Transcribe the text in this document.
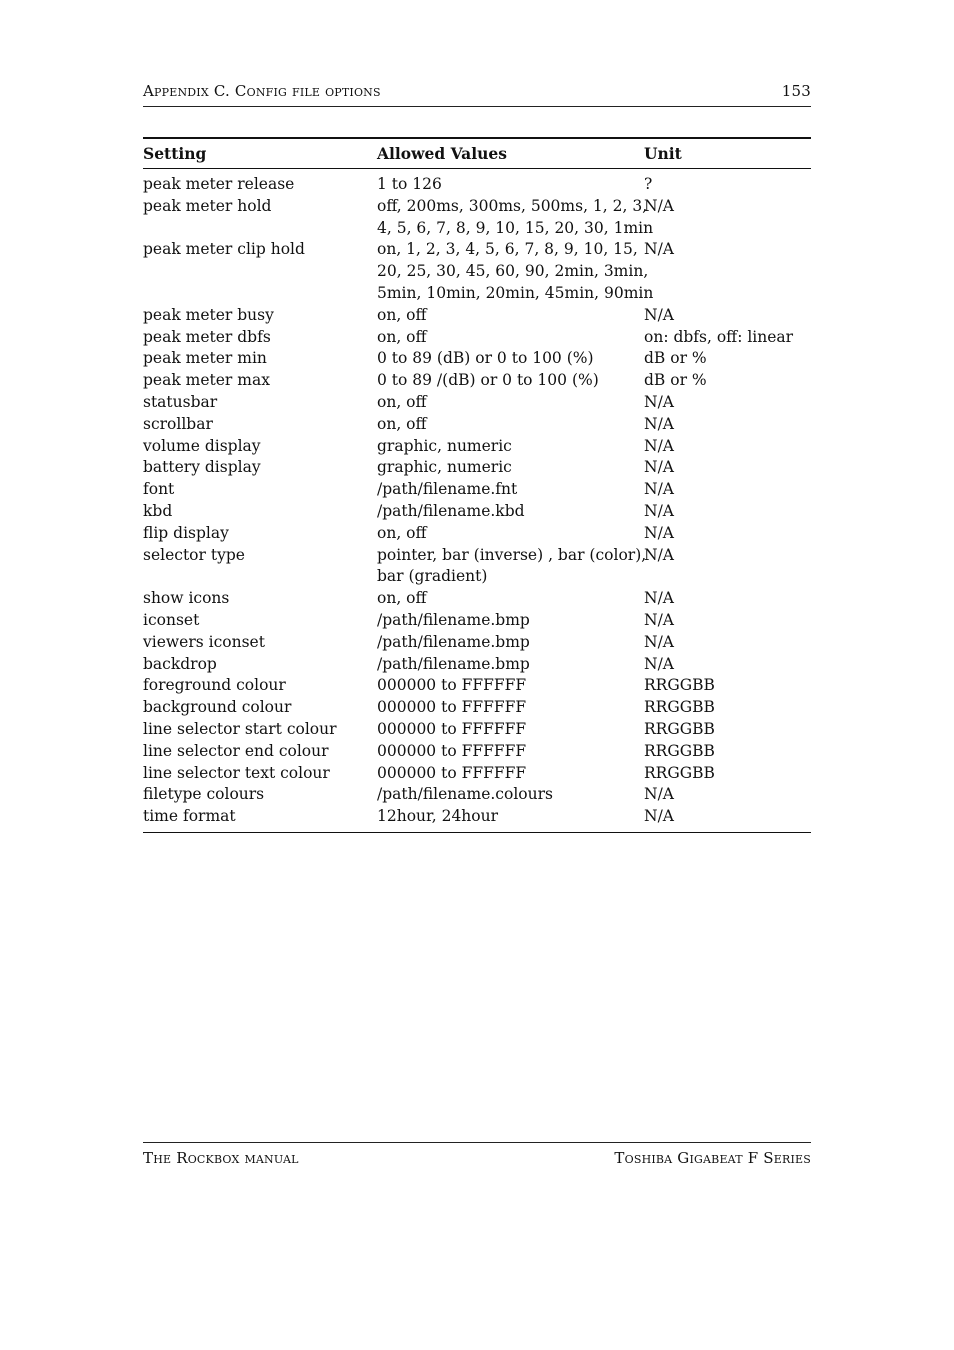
Appendix C. Config file options	153
Setting	Allowed Values	Unit

peak meter release	1 to 126	?

peak meter hold	off, 200ms, 300ms, 500ms, 1, 2, 3,
4, 5, 6, 7, 8, 9, 10, 15, 20, 30, 1min	N/A

peak meter clip hold	on, 1, 2, 3, 4, 5, 6, 7, 8, 9, 10, 15,
20, 25, 30, 45, 60, 90, 2min, 3min,
5min, 10min, 20min, 45min, 90min	N/A

peak meter busy	on, off	N/A

peak meter dbfs	on, off	on: dbfs, off: linear

peak meter min	0 to 89 (dB) or 0 to 100 (%)	dB or %

peak meter max	0 to 89 /(dB) or 0 to 100 (%)	dB or %

statusbar	on, off	N/A

scrollbar	on, off	N/A

volume display	graphic, numeric	N/A

battery display	graphic, numeric	N/A

font	/path/filename.fnt	N/A

kbd	/path/filename.kbd	N/A

flip display	on, off	N/A

selector type	pointer, bar (inverse) , bar (color),
bar (gradient)	N/A

show icons	on, off	N/A

iconset	/path/filename.bmp	N/A

viewers iconset	/path/filename.bmp	N/A

backdrop	/path/filename.bmp	N/A

foreground colour	000000 to FFFFFF	RRGGBB

background colour	000000 to FFFFFF	RRGGBB

line selector start colour	000000 to FFFFFF	RRGGBB

line selector end colour	000000 to FFFFFF	RRGGBB

line selector text colour	000000 to FFFFFF	RRGGBB

filetype colours	/path/filename.colours	N/A

time format	12hour, 24hour	N/A
The Rockbox manual	Toshiba Gigabeat F Series
